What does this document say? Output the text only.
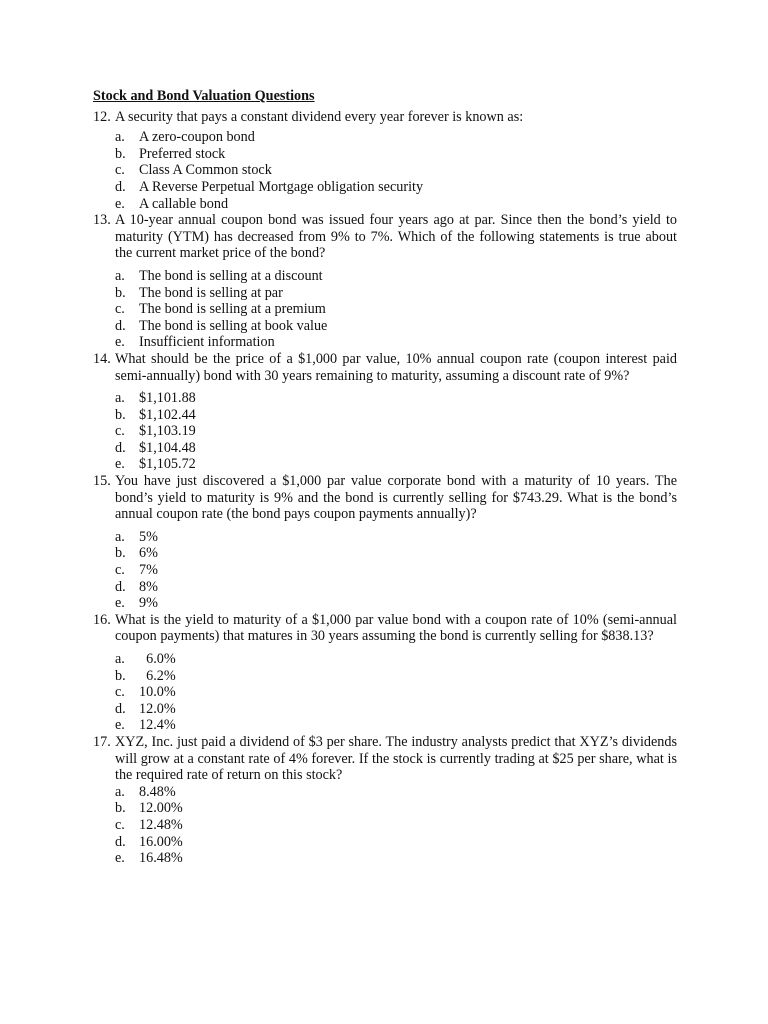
Stock and Bond Valuation Questions
12. A security that pays a constant dividend every year forever is known as:
a. A zero-coupon bond
b. Preferred stock
c. Class A Common stock
d. A Reverse Perpetual Mortgage obligation security
e. A callable bond
13. A 10-year annual coupon bond was issued four years ago at par. Since then the bond’s yield to maturity (YTM) has decreased from 9% to 7%. Which of the following statements is true about the current market price of the bond?
a. The bond is selling at a discount
b. The bond is selling at par
c. The bond is selling at a premium
d. The bond is selling at book value
e. Insufficient information
14. What should be the price of a $1,000 par value, 10% annual coupon rate (coupon interest paid semi-annually) bond with 30 years remaining to maturity, assuming a discount rate of 9%?
a. $1,101.88
b. $1,102.44
c. $1,103.19
d. $1,104.48
e. $1,105.72
15. You have just discovered a $1,000 par value corporate bond with a maturity of 10 years. The bond’s yield to maturity is 9% and the bond is currently selling for $743.29. What is the bond’s annual coupon rate (the bond pays coupon payments annually)?
a. 5%
b. 6%
c. 7%
d. 8%
e. 9%
16. What is the yield to maturity of a $1,000 par value bond with a coupon rate of 10% (semi-annual coupon payments) that matures in 30 years assuming the bond is currently selling for $838.13?
a. 6.0%
b. 6.2%
c. 10.0%
d. 12.0%
e. 12.4%
17. XYZ, Inc. just paid a dividend of $3 per share. The industry analysts predict that XYZ’s dividends will grow at a constant rate of 4% forever. If the stock is currently trading at $25 per share, what is the required rate of return on this stock?
a. 8.48%
b. 12.00%
c. 12.48%
d. 16.00%
e. 16.48%
